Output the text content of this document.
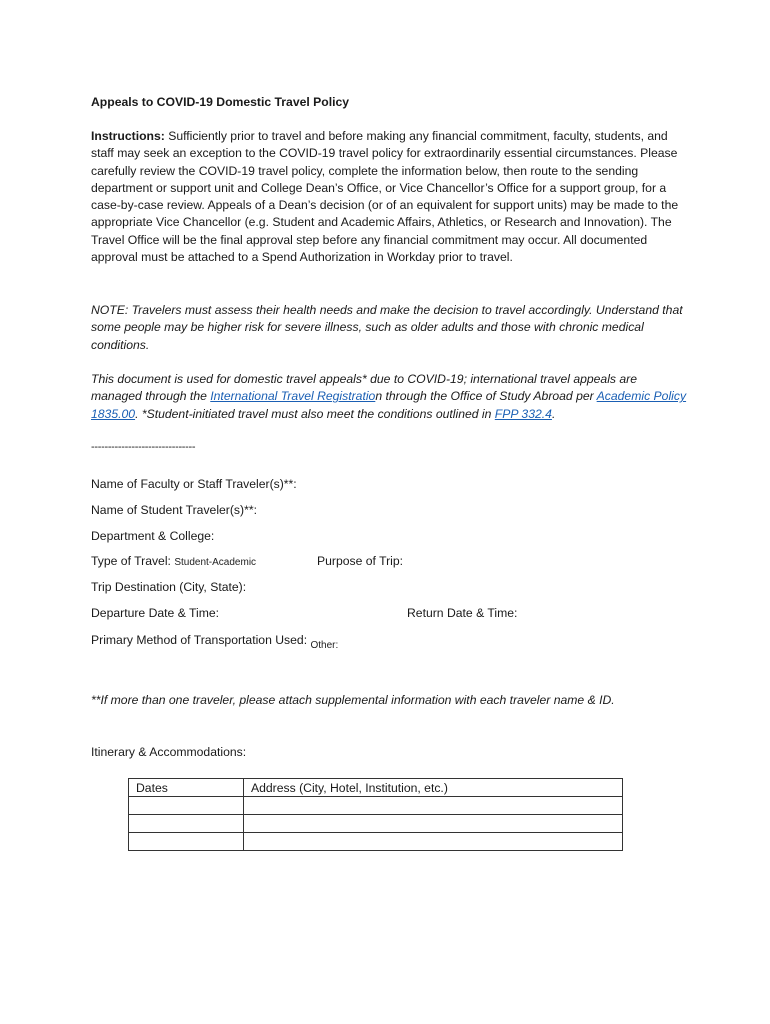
Appeals to COVID-19 Domestic Travel Policy

Instructions: Sufficiently prior to travel and before making any financial commitment, faculty, students, and staff may seek an exception to the COVID-19 travel policy for extraordinarily essential circumstances. Please carefully review the COVID-19 travel policy, complete the information below, then route to the sending department or support unit and College Dean’s Office, or Vice Chancellor’s Office for a support group, for a case-by-case review. Appeals of a Dean’s decision (or of an equivalent for support units) may be made to the appropriate Vice Chancellor (e.g. Student and Academic Affairs, Athletics, or Research and Innovation). The Travel Office will be the final approval step before any financial commitment may occur. All documented approval must be attached to a Spend Authorization in Workday prior to travel.

NOTE: Travelers must assess their health needs and make the decision to travel accordingly. Understand that some people may be higher risk for severe illness, such as older adults and those with chronic medical conditions.

This document is used for domestic travel appeals* due to COVID-19; international travel appeals are managed through the International Travel Registration through the Office of Study Abroad per Academic Policy 1835.00. *Student-initiated travel must also meet the conditions outlined in FPP 332.4.

-------------------------------
Name of Faculty or Staff Traveler(s)**:
Name of Student Traveler(s)**:
Department & College:
Type of Travel: Student-Academic	Purpose of Trip:
Trip Destination (City, State):
Departure Date & Time:	Return Date & Time:
Primary Method of Transportation Used: $_{Other:}$
**If more than one traveler, please attach supplemental information with each traveler name & ID.
Itinerary & Accommodations:
Dates	Address (City, Hotel, Institution, etc.)
